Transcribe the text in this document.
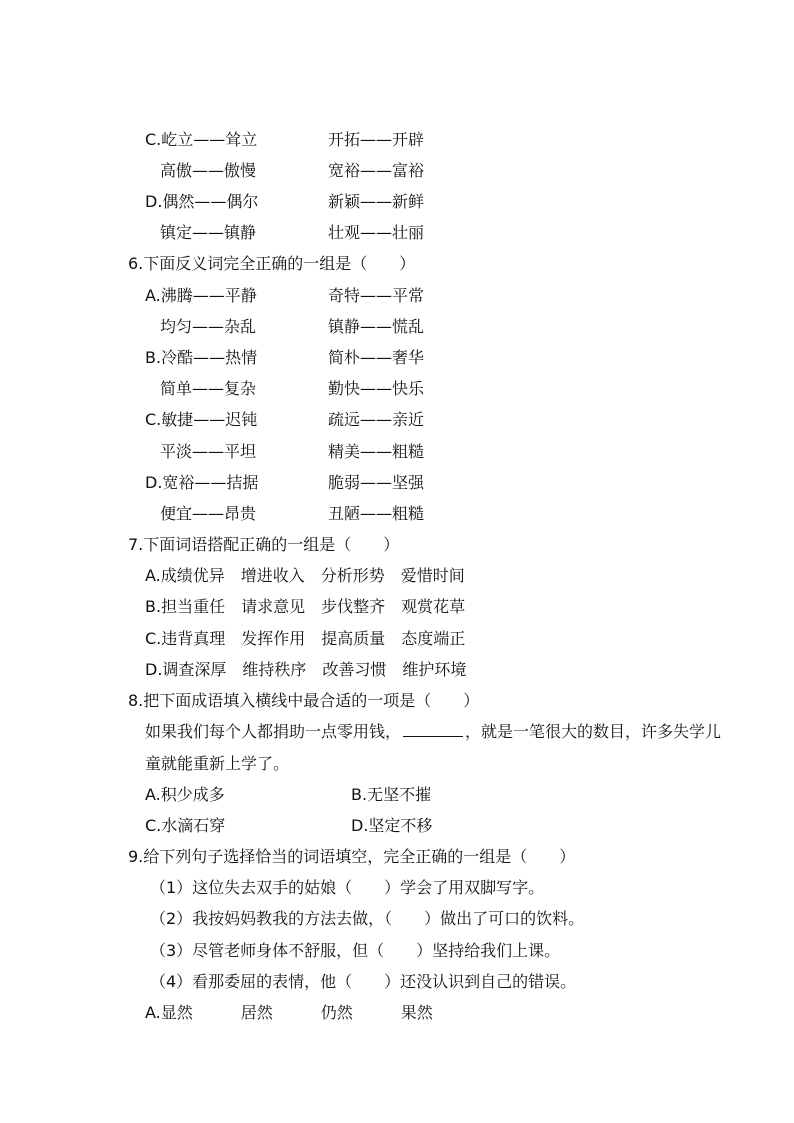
C.屹立——耸立	开拓——开辟
高傲——傲慢	宽裕——富裕
D.偶然——偶尔	新颖——新鲜
镇定——镇静	壮观——壮丽
6.下面反义词完全正确的一组是（　　）
A.沸腾——平静	奇特——平常
均匀——杂乱	镇静——慌乱
B.冷酷——热情	简朴——奢华
简单——复杂	勤快——快乐
C.敏捷——迟钝	疏远——亲近
平淡——平坦	精美——粗糙
D.宽裕——拮据	脆弱——坚强
便宜——昂贵	丑陋——粗糙
7.下面词语搭配正确的一组是（　　）
A.成绩优异　增进收入　分析形势　爱惜时间
B.担当重任　请求意见　步伐整齐　观赏花草
C.违背真理　发挥作用　提高质量　态度端正
D.调查深厚　维持秩序　改善习惯　维护环境
8.把下面成语填入横线中最合适的一项是（　　）
如果我们每个人都捐助一点零用钱，	，就是一笔很大的数目，许多失学儿
童就能重新上学了。
A.积少成多	B.无坚不摧
C.水滴石穿	D.坚定不移
9.给下列句子选择恰当的词语填空，完全正确的一组是（　　）
（1）这位失去双手的姑娘（　　）学会了用双脚写字。
（2）我按妈妈教我的方法去做，（　　）做出了可口的饮料。
（3）尽管老师身体不舒服，但（　　）坚持给我们上课。
（4）看那委屈的表情，他（　　）还没认识到自己的错误。
A.显然　　　居然　　　仍然　　　果然
